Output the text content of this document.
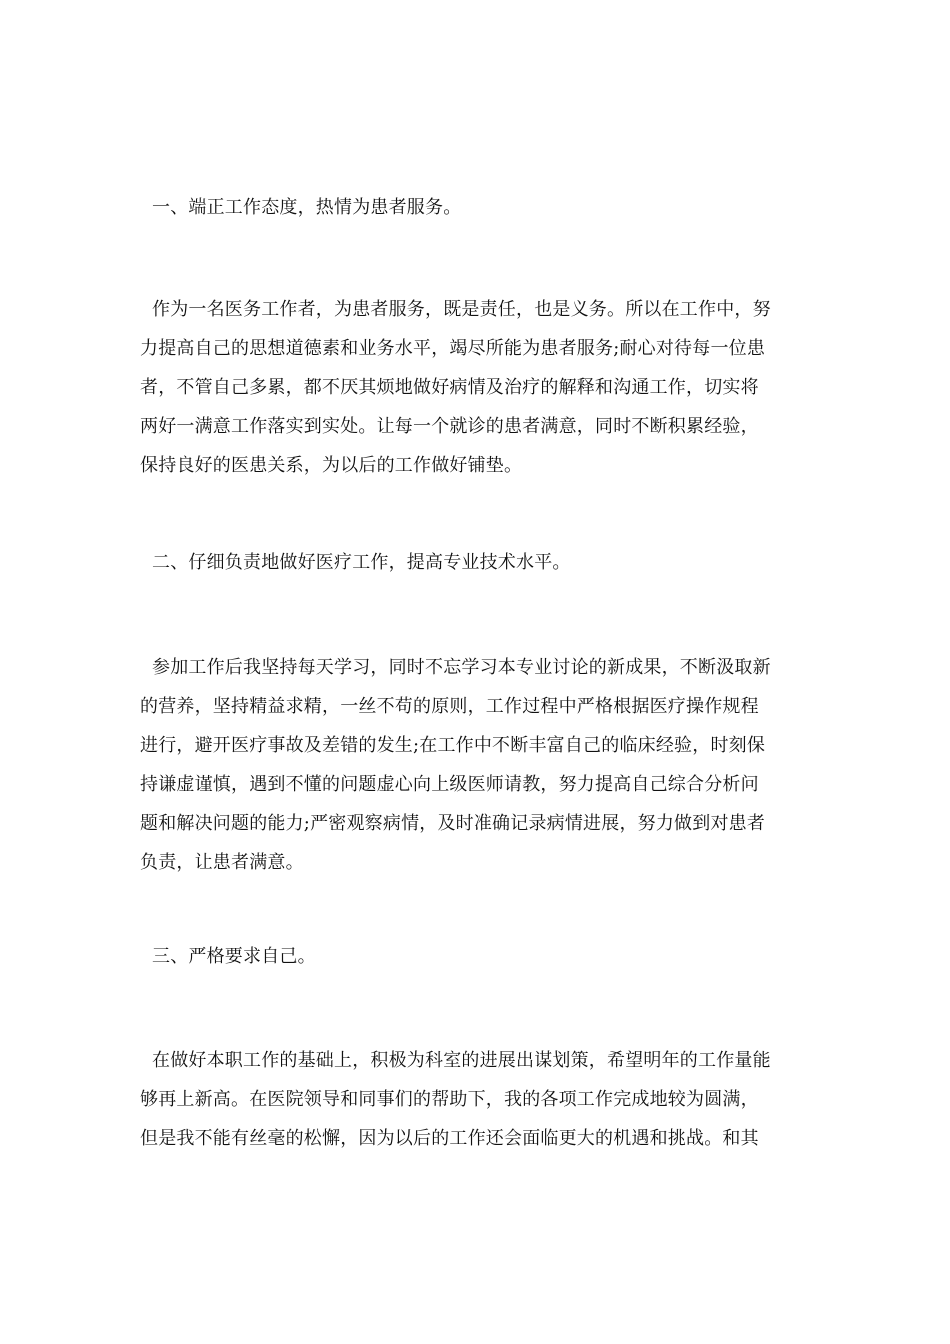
一、端正工作态度，热情为患者服务。

作为一名医务工作者，为患者服务，既是责任，也是义务。所以在工作中，努
力提高自己的思想道德素和业务水平，竭尽所能为患者服务;耐心对待每一位患
者，不管自己多累，都不厌其烦地做好病情及治疗的解释和沟通工作，切实将
两好一满意工作落实到实处。让每一个就诊的患者满意，同时不断积累经验，
保持良好的医患关系，为以后的工作做好铺垫。

二、仔细负责地做好医疗工作，提高专业技术水平。

参加工作后我坚持每天学习，同时不忘学习本专业讨论的新成果，不断汲取新
的营养，坚持精益求精，一丝不苟的原则，工作过程中严格根据医疗操作规程
进行，避开医疗事故及差错的发生;在工作中不断丰富自己的临床经验，时刻保
持谦虚谨慎，遇到不懂的问题虚心向上级医师请教，努力提高自己综合分析问
题和解决问题的能力;严密观察病情，及时准确记录病情进展，努力做到对患者
负责，让患者满意。

三、严格要求自己。

在做好本职工作的基础上，积极为科室的进展出谋划策，希望明年的工作量能
够再上新高。在医院领导和同事们的帮助下，我的各项工作完成地较为圆满，
但是我不能有丝毫的松懈，因为以后的工作还会面临更大的机遇和挑战。和其
